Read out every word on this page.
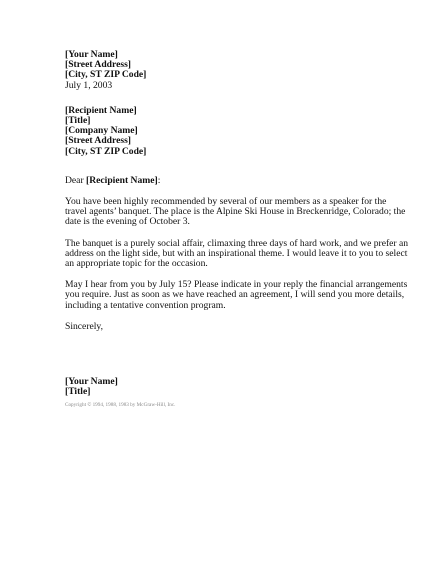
[Your Name]
[Street Address]
[City, ST ZIP Code]
July 1, 2003
[Recipient Name]
[Title]
[Company Name]
[Street Address]
[City, ST ZIP Code]
Dear [Recipient Name]:
You have been highly recommended by several of our members as a speaker for the
travel agents’ banquet. The place is the Alpine Ski House in Breckenridge, Colorado; the
date is the evening of October 3.
The banquet is a purely social affair, climaxing three days of hard work, and we prefer an
address on the light side, but with an inspirational theme. I would leave it to you to select
an appropriate topic for the occasion.
May I hear from you by July 15? Please indicate in your reply the financial arrangements
you require. Just as soon as we have reached an agreement, I will send you more details,
including a tentative convention program.
Sincerely,
[Your Name]
[Title]
Copyright © 1994, 1988, 1983 by McGraw-Hill, Inc.
